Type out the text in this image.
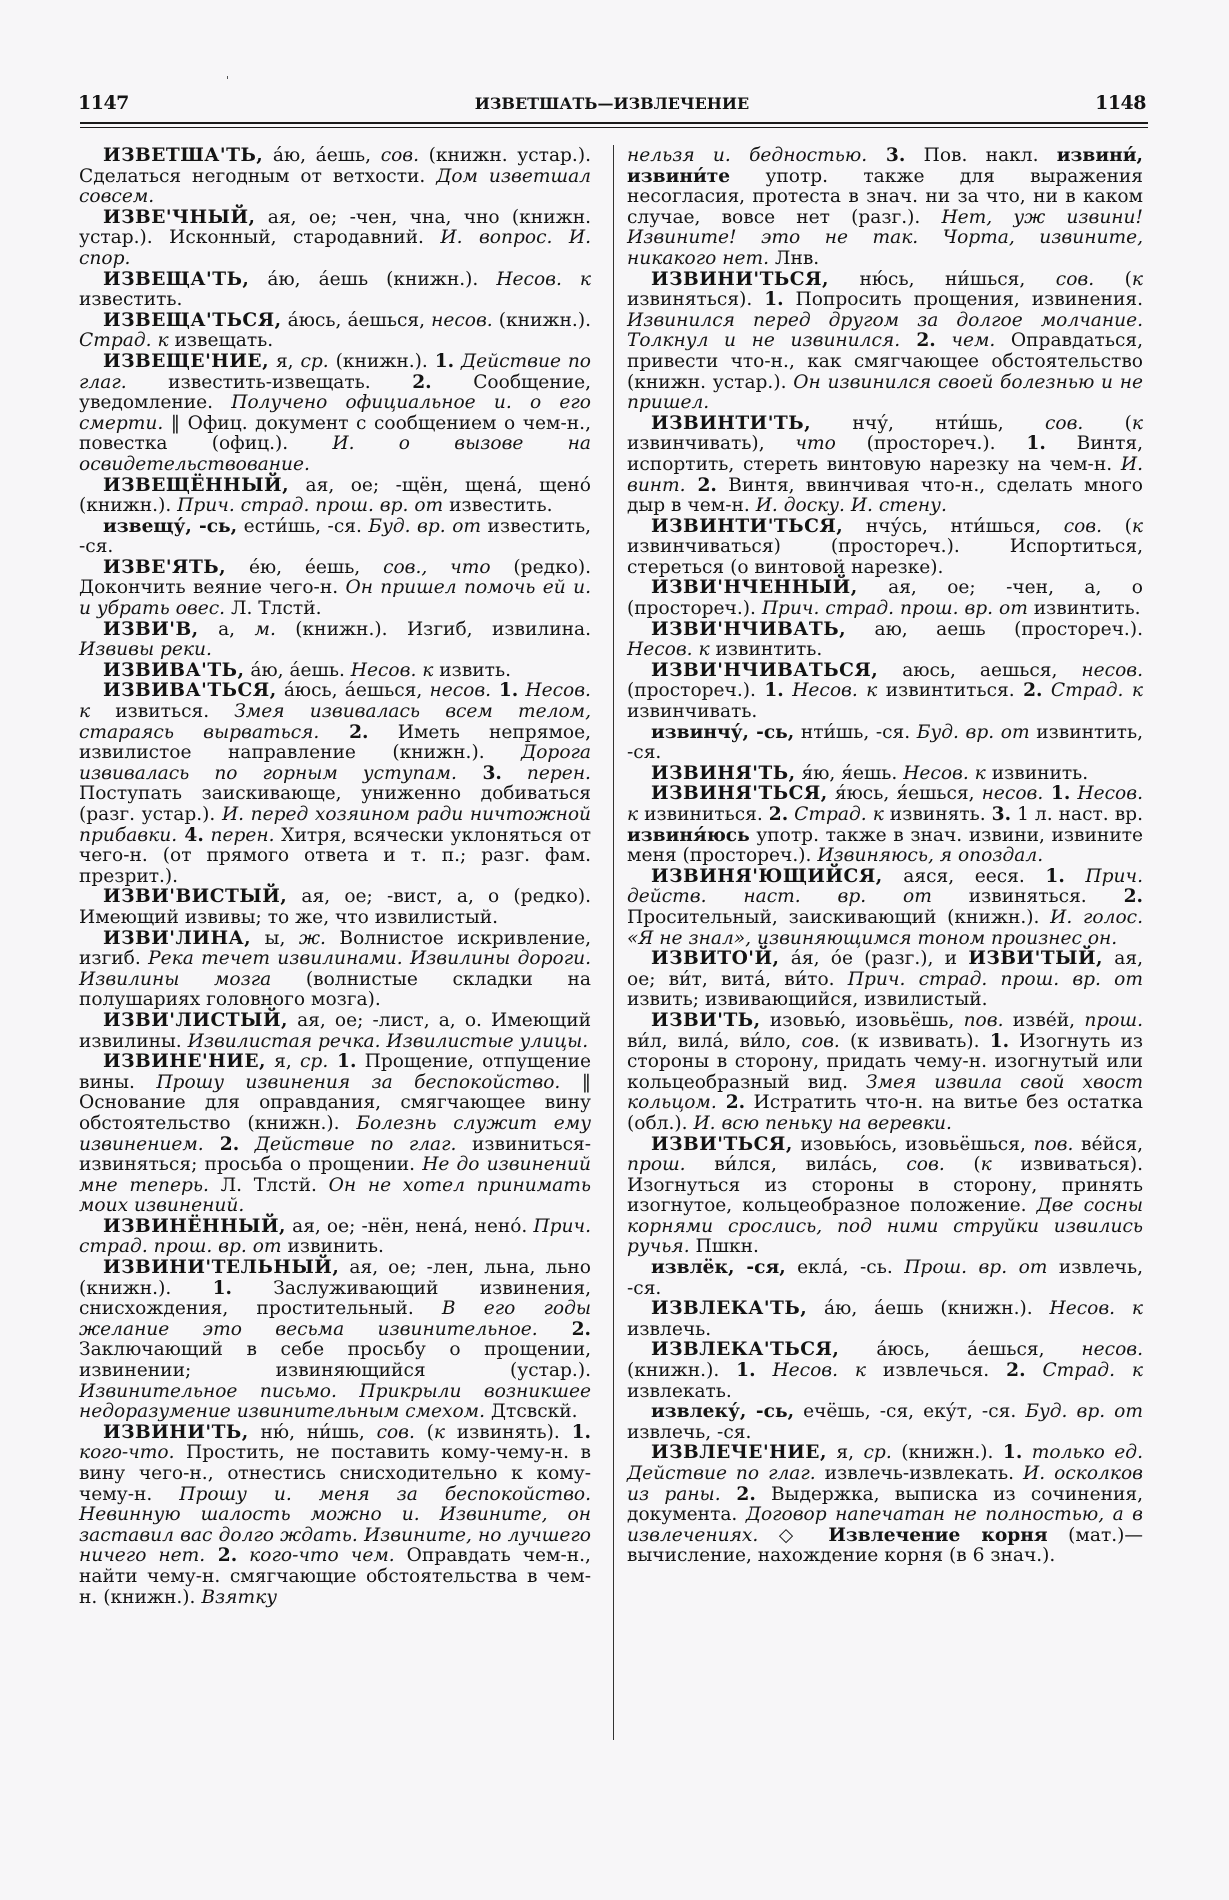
1147	ИЗВЕТШАТЬ—ИЗВЛЕЧЕНИЕ	1148

ИЗВЕТША'ТЬ, а́ю, а́ешь, сов. (книжн. устар.). Сделаться негодным от ветхости. Дом изветшал совсем.

ИЗВЕ'ЧНЫЙ, ая, ое; -чен, чна, чно (книжн. устар.). Исконный, стародавний. И. вопрос. И. спор.

ИЗВЕЩА'ТЬ, а́ю, а́ешь (книжн.). Несов. к известить.

ИЗВЕЩА'ТЬСЯ, а́юсь, а́ешься, несов. (книжн.). Страд. к извещать.

ИЗВЕЩЕ'НИЕ, я, ср. (книжн.). 1. Действие по глаг. известить-извещать. 2. Сообщение, уведомление. Получено официальное и. о его смерти. ‖ Офиц. документ с сообщением о чем-н., повестка (офиц.). И. о вызове на освидетельствование.

ИЗВЕЩЁННЫЙ, ая, ое; -щён, щена́, щено́ (книжн.). Прич. страд. прош. вр. от известить.

извещу́, -сь, ести́шь, -ся. Буд. вр. от известить, -ся.

ИЗВЕ'ЯТЬ, е́ю, е́ешь, сов., что (редко). Докончить веяние чего-н. Он пришел помочь ей и. и убрать овес. Л. Тлстй.

ИЗВИ'В, а, м. (книжн.). Изгиб, извилина. Извивы реки.

ИЗВИВА'ТЬ, а́ю, а́ешь. Несов. к извить.

ИЗВИВА'ТЬСЯ, а́юсь, а́ешься, несов. 1. Несов. к извиться. Змея извивалась всем телом, стараясь вырваться. 2. Иметь непрямое, извилистое направление (книжн.). Дорога извивалась по горным уступам. 3. перен. Поступать заискивающе, униженно добиваться (разг. устар.). И. перед хозяином ради ничтожной прибавки. 4. перен. Хитря, всячески уклоняться от чего-н. (от прямого ответа и т. п.; разг. фам. презрит.).

ИЗВИ'ВИСТЫЙ, ая, ое; -вист, а, о (редко). Имеющий извивы; то же, что извилистый.

ИЗВИ'ЛИНА, ы, ж. Волнистое искривление, изгиб. Река течет извилинами. Извилины дороги. Извилины мозга (волнистые складки на полушариях головного мозга).

ИЗВИ'ЛИСТЫЙ, ая, ое; -лист, а, о. Имеющий извилины. Извилистая речка. Извилистые улицы.

ИЗВИНЕ'НИЕ, я, ср. 1. Прощение, отпущение вины. Прошу извинения за беспокойство. ‖ Основание для оправдания, смягчающее вину обстоятельство (книжн.). Болезнь служит ему извинением. 2. Действие по глаг. извиниться-извиняться; просьба о прощении. Не до извинений мне теперь. Л. Тлстй. Он не хотел принимать моих извинений.

ИЗВИНЁННЫЙ, ая, ое; -нён, нена́, нено́. Прич. страд. прош. вр. от извинить.

ИЗВИНИ'ТЕЛЬНЫЙ, ая, ое; -лен, льна, льно (книжн.). 1. Заслуживающий извинения, снисхождения, простительный. В его годы желание это весьма извинительное. 2. Заключающий в себе просьбу о прощении, извинении; извиняющийся (устар.). Извинительное письмо. Прикрыли возникшее недоразумение извинительным смехом. Дтсвскй.

ИЗВИНИ'ТЬ, ню́, ни́шь, сов. (к извинять). 1. кого-что. Простить, не поставить кому-чему-н. в вину чего-н., отнестись снисходительно к кому-чему-н. Прошу и. меня за беспокойство. Невинную шалость можно и. Извините, он заставил вас долго ждать. Извините, но лучшего ничего нет. 2. кого-что чем. Оправдать чем-н., найти чему-н. смягчающие обстоятельства в чем-н. (книжн.). Взятку

нельзя и. бедностью. 3. Пов. накл. извини́, извини́те употр. также для выражения несогласия, протеста в знач. ни за что, ни в каком случае, вовсе нет (разг.). Нет, уж извини! Извините! это не так. Чорта, извините, никакого нет. Лнв.

ИЗВИНИ'ТЬСЯ, ню́сь, ни́шься, сов. (к извиняться). 1. Попросить прощения, извинения. Извинился перед другом за долгое молчание. Толкнул и не извинился. 2. чем. Оправдаться, привести что-н., как смягчающее обстоятельство (книжн. устар.). Он извинился своей болезнью и не пришел.

ИЗВИНТИ'ТЬ, нчу́, нти́шь, сов. (к извинчивать), что (простореч.). 1. Винтя, испортить, стереть винтовую нарезку на чем-н. И. винт. 2. Винтя, ввинчивая что-н., сделать много дыр в чем-н. И. доску. И. стену.

ИЗВИНТИ'ТЬСЯ, нчу́сь, нти́шься, сов. (к извинчиваться) (простореч.). Испортиться, стереться (о винтовой нарезке).

ИЗВИ'НЧЕННЫЙ, ая, ое; -чен, а, о (простореч.). Прич. страд. прош. вр. от извинтить.

ИЗВИ'НЧИВАТЬ, аю, аешь (простореч.). Несов. к извинтить.

ИЗВИ'НЧИВАТЬСЯ, аюсь, аешься, несов. (простореч.). 1. Несов. к извинтиться. 2. Страд. к извинчивать.

извинчу́, -сь, нти́шь, -ся. Буд. вр. от извинтить, -ся.

ИЗВИНЯ'ТЬ, я́ю, я́ешь. Несов. к извинить.

ИЗВИНЯ'ТЬСЯ, я́юсь, я́ешься, несов. 1. Несов. к извиниться. 2. Страд. к извинять. 3. 1 л. наст. вр. извиня́юсь употр. также в знач. извини, извините меня (простореч.). Извиняюсь, я опоздал.

ИЗВИНЯ'ЮЩИЙСЯ, аяся, ееся. 1. Прич. действ. наст. вр. от извиняться. 2. Просительный, заискивающий (книжн.). И. голос. «Я не знал», извиняющимся тоном произнес он.

ИЗВИТО'Й, а́я, о́е (разг.), и ИЗВИ'ТЫЙ, ая, ое; ви́т, вита́, ви́то. Прич. страд. прош. вр. от извить; извивающийся, извилистый.

ИЗВИ'ТЬ, изовью́, изовьёшь, пов. изве́й, прош. ви́л, вила́, ви́ло, сов. (к извивать). 1. Изогнуть из стороны в сторону, придать чему-н. изогнутый или кольцеобразный вид. Змея извила свой хвост кольцом. 2. Истратить что-н. на витье без остатка (обл.). И. всю пеньку на веревки.

ИЗВИ'ТЬСЯ, изовью́сь, изовьёшься, пов. ве́йся, прош. ви́лся, вила́сь, сов. (к извиваться). Изогнуться из стороны в сторону, принять изогнутое, кольцеобразное положение. Две сосны корнями срослись, под ними струйки извились ручья. Пшкн.

извлёк, -ся, екла́, -сь. Прош. вр. от извлечь, -ся.

ИЗВЛЕКА'ТЬ, а́ю, а́ешь (книжн.). Несов. к извлечь.

ИЗВЛЕКА'ТЬСЯ, а́юсь, а́ешься, несов. (книжн.). 1. Несов. к извлечься. 2. Страд. к извлекать.

извлеку́, -сь, ечёшь, -ся, еку́т, -ся. Буд. вр. от извлечь, -ся.

ИЗВЛЕЧЕ'НИЕ, я, ср. (книжн.). 1. только ед. Действие по глаг. извлечь-извлекать. И. осколков из раны. 2. Выдержка, выписка из сочинения, документа. Договор напечатан не полностью, а в извлечениях. ◇ Извлечение корня (мат.)—вычисление, нахождение корня (в 6 знач.).
